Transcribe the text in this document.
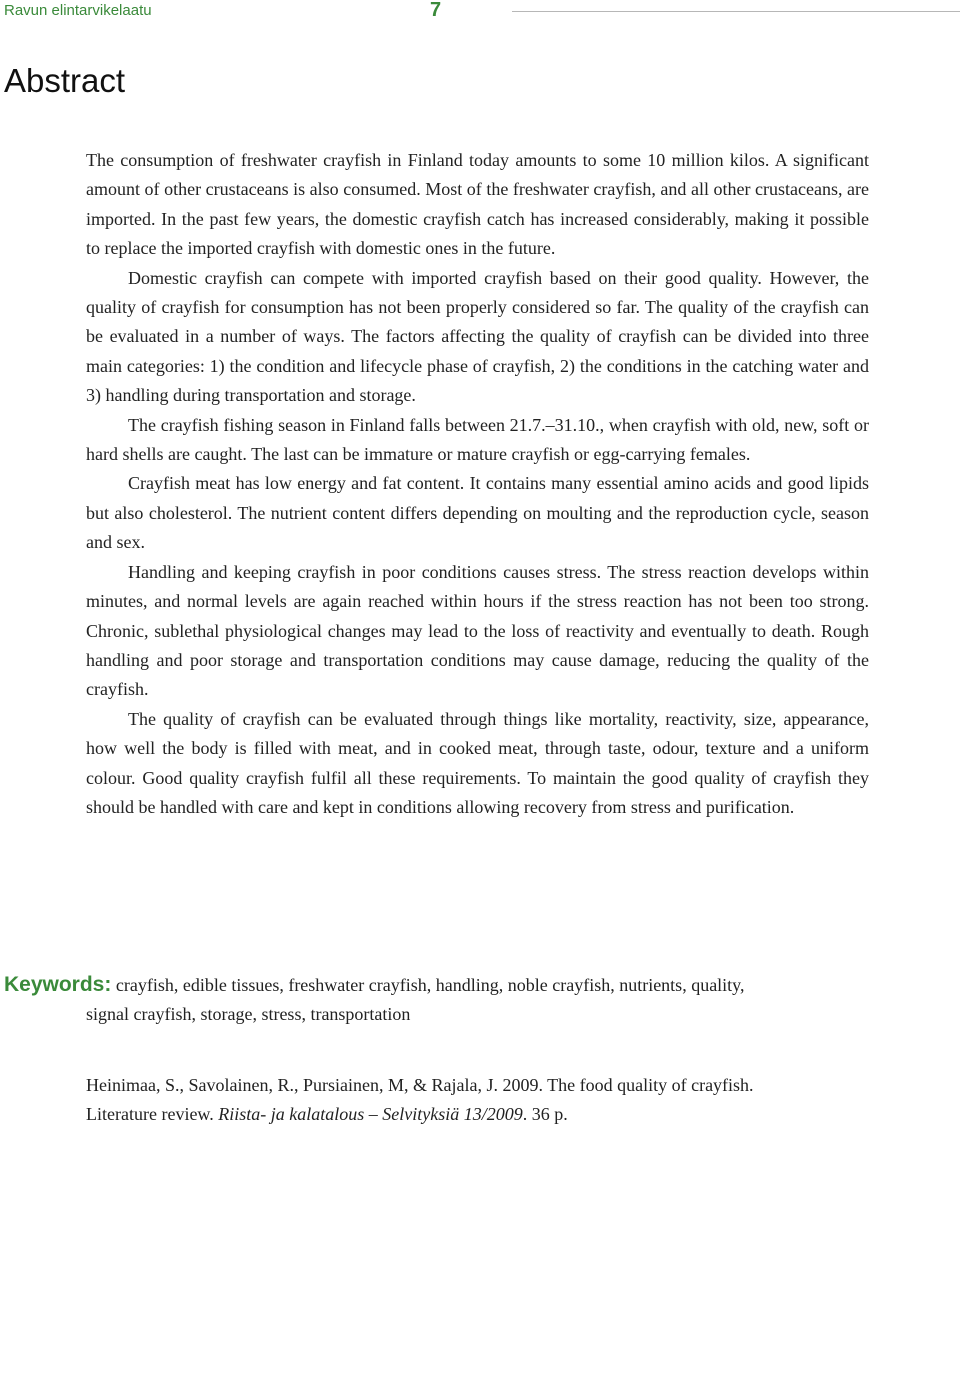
Ravun elintarvikelaatu	7
Abstract

The consumption of freshwater crayfish in Finland today amounts to some 10 million kilos. A significant amount of other crustaceans is also consumed. Most of the freshwater crayfish, and all other crustaceans, are imported. In the past few years, the domestic crayfish catch has increased considerably, making it possible to replace the imported crayfish with domestic ones in the future.

Domestic crayfish can compete with imported crayfish based on their good quality. However, the quality of crayfish for consumption has not been properly considered so far. The quality of the crayfish can be evaluated in a number of ways. The factors affecting the quality of crayfish can be divided into three main categories: 1) the condition and lifecycle phase of crayfish, 2) the conditions in the catching water and 3) handling during transportation and storage.

The crayfish fishing season in Finland falls between 21.7.–31.10., when crayfish with old, new, soft or hard shells are caught. The last can be immature or mature crayfish or egg-carrying females.

Crayfish meat has low energy and fat content. It contains many essential amino acids and good lipids but also cholesterol. The nutrient content differs depending on moulting and the reproduction cycle, season and sex.

Handling and keeping crayfish in poor conditions causes stress. The stress reaction develops within minutes, and normal levels are again reached within hours if the stress reaction has not been too strong. Chronic, sublethal physiological changes may lead to the loss of reactivity and eventually to death. Rough handling and poor storage and transportation conditions may cause damage, reducing the quality of the crayfish.

The quality of crayfish can be evaluated through things like mortality, reactivity, size, appearance, how well the body is filled with meat, and in cooked meat, through taste, odour, texture and a uniform colour. Good quality crayfish fulfil all these requirements. To maintain the good quality of crayfish they should be handled with care and kept in conditions allowing recovery from stress and purification.

Keywords: crayfish, edible tissues, freshwater crayfish, handling, noble crayfish, nutrients, quality,
signal crayfish, storage, stress, transportation
Heinimaa, S., Savolainen, R., Pursiainen, M, & Rajala, J. 2009. The food quality of crayfish.
Literature review. Riista- ja kalatalous – Selvityksiä 13/2009. 36 p.
